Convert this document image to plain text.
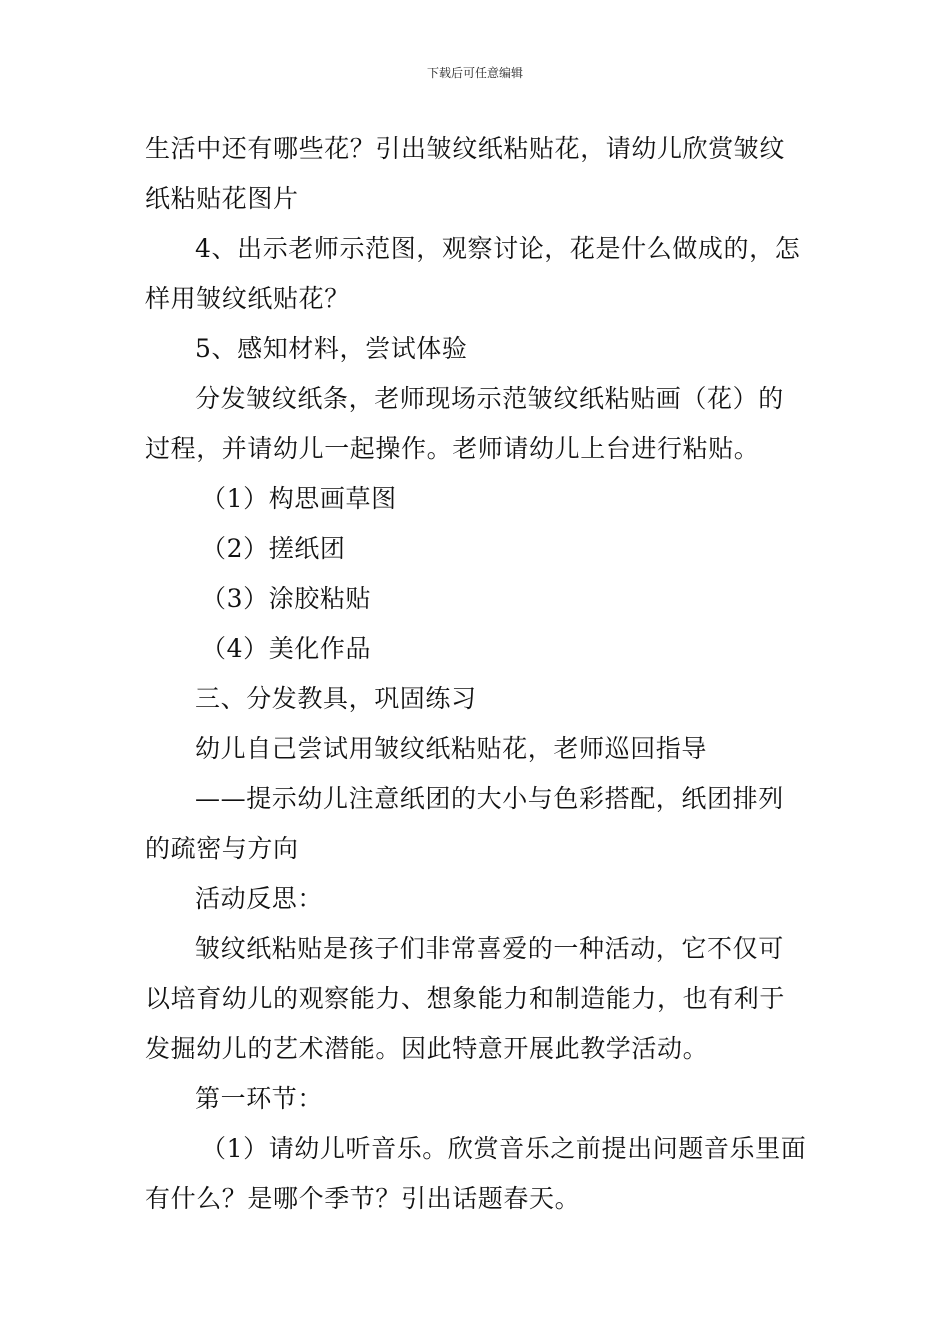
下载后可任意编辑
生活中还有哪些花？引出皱纹纸粘贴花，请幼儿欣赏皱纹
纸粘贴花图片
4、出示老师示范图，观察讨论，花是什么做成的，怎
样用皱纹纸贴花？
5、感知材料，尝试体验
分发皱纹纸条，老师现场示范皱纹纸粘贴画（花）的
过程，并请幼儿一起操作。老师请幼儿上台进行粘贴。
（1）构思画草图
（2）搓纸团
（3）涂胶粘贴
（4）美化作品
三、分发教具，巩固练习
幼儿自己尝试用皱纹纸粘贴花，老师巡回指导
——提示幼儿注意纸团的大小与色彩搭配，纸团排列
的疏密与方向
活动反思：
皱纹纸粘贴是孩子们非常喜爱的一种活动，它不仅可
以培育幼儿的观察能力、想象能力和制造能力，也有利于
发掘幼儿的艺术潜能。因此特意开展此教学活动。
第一环节：
（1）请幼儿听音乐。欣赏音乐之前提出问题音乐里面
有什么？是哪个季节？引出话题春天。
